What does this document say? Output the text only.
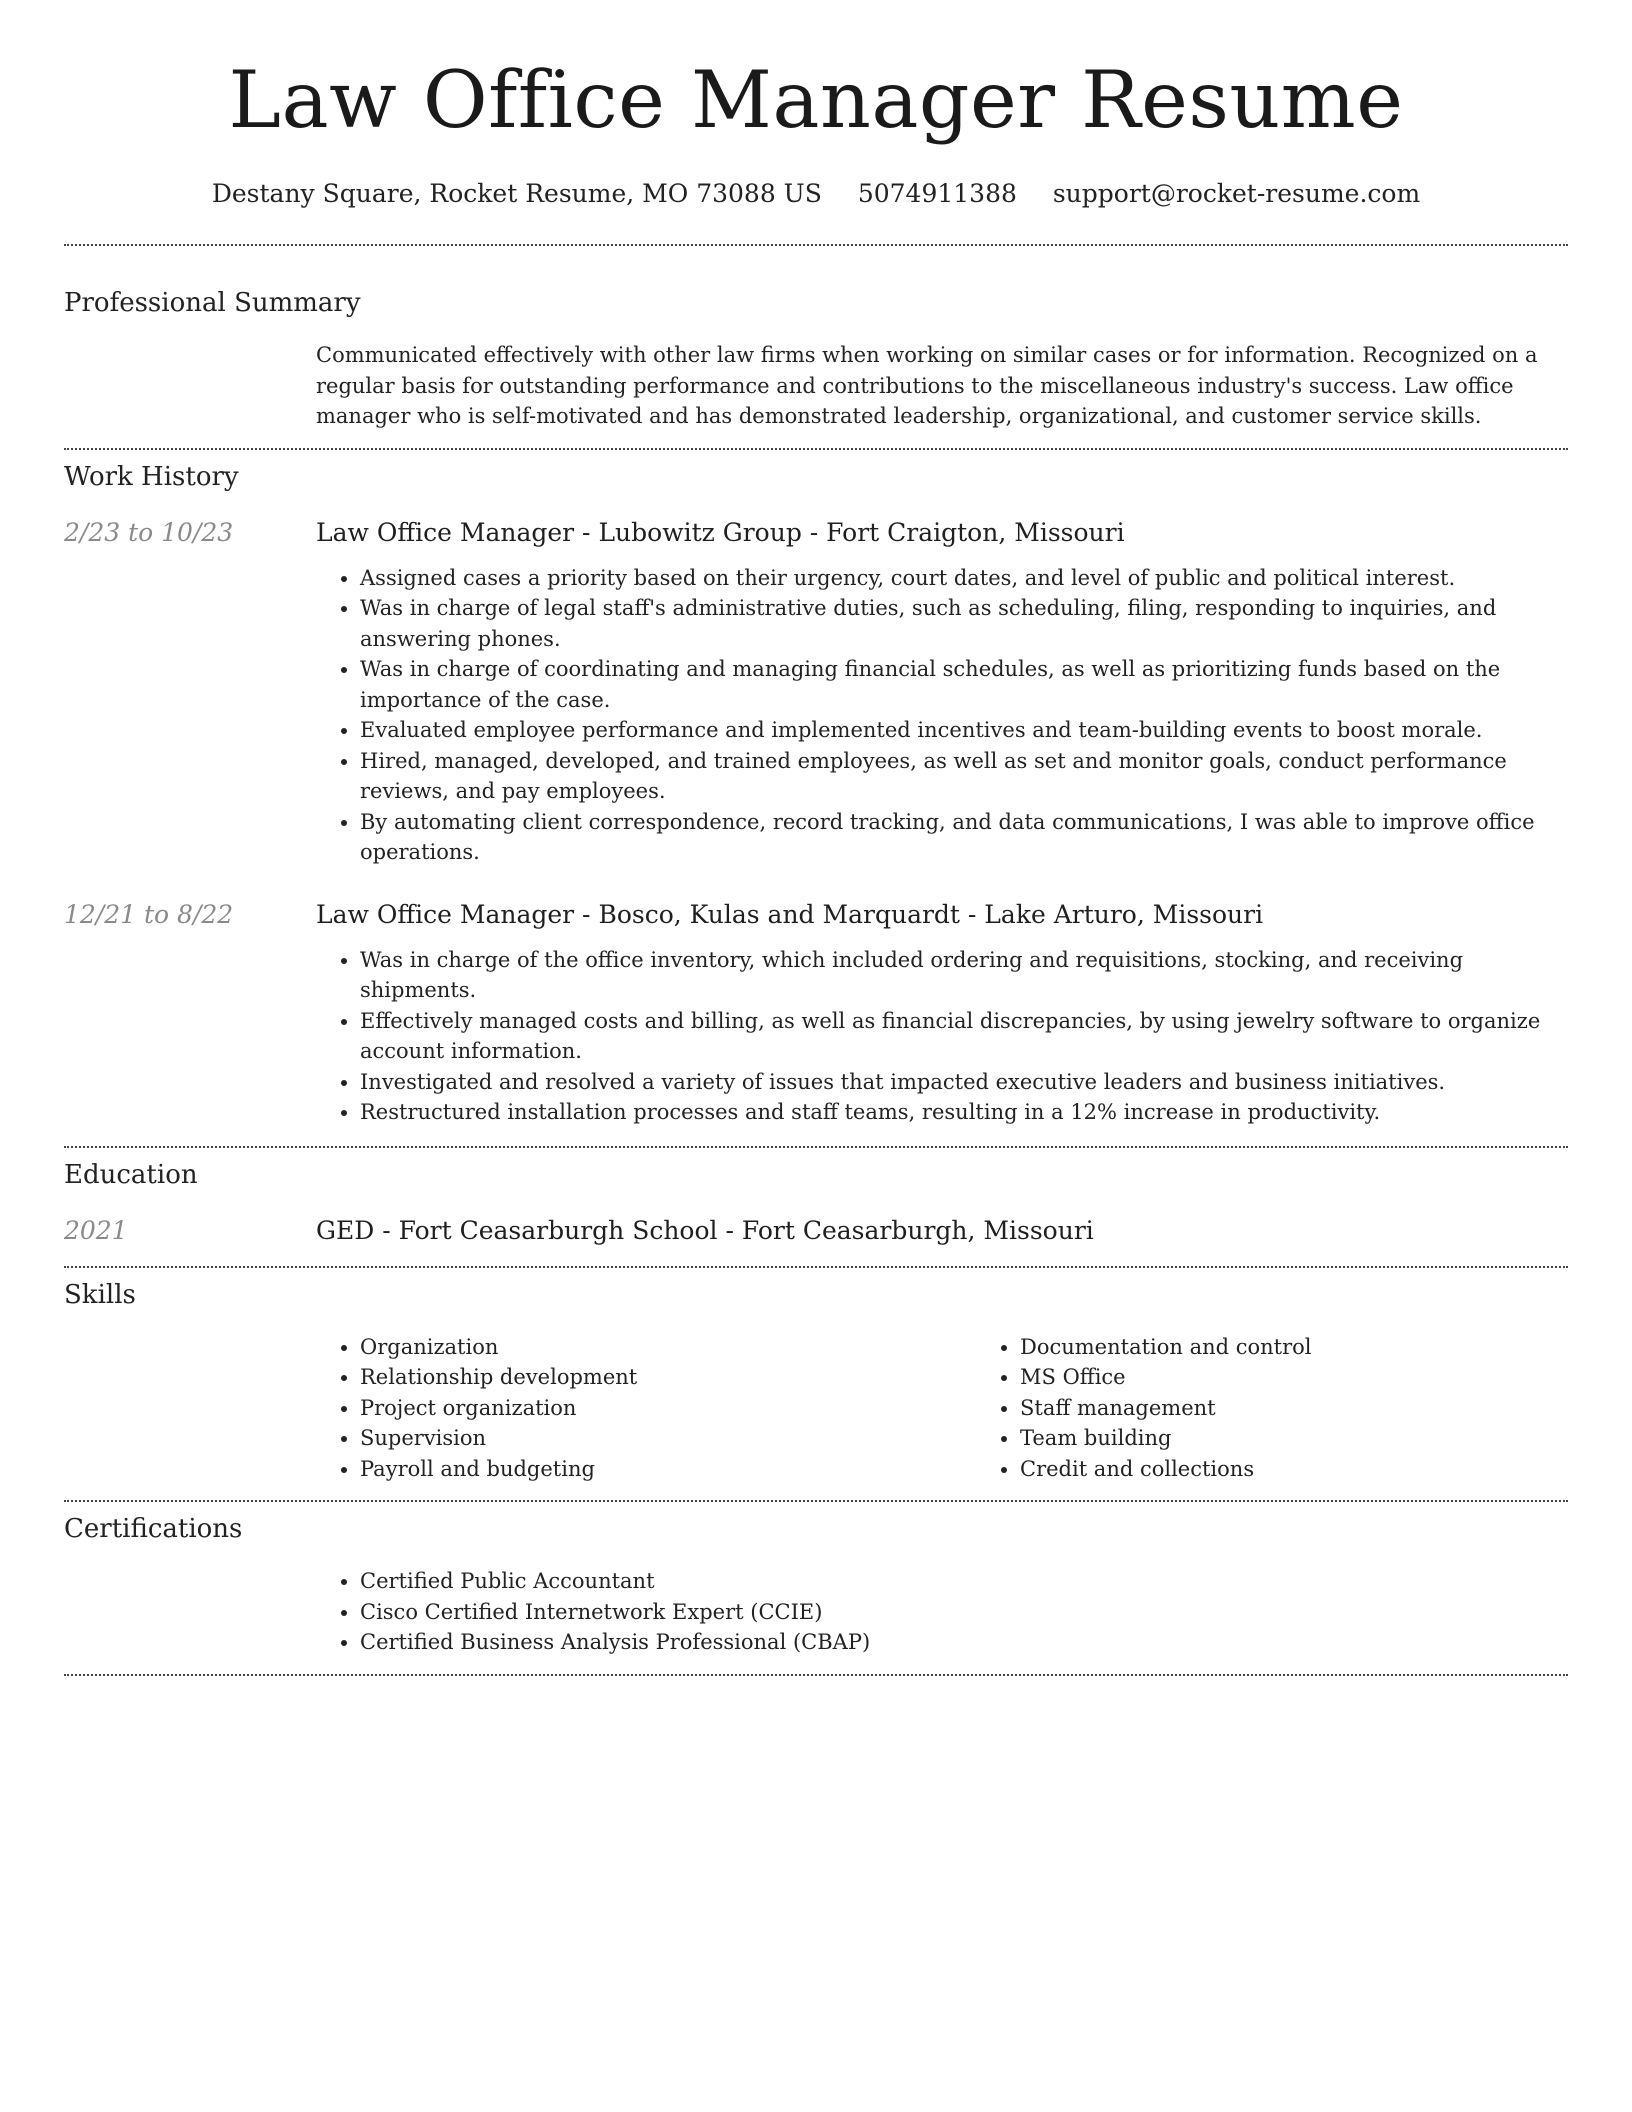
Law Office Manager Resume
Destany Square, Rocket Resume, MO 73088 US 5074911388 support@rocket-resume.com
Professional Summary

Communicated effectively with other law firms when working on similar cases or for information. Recognized on a regular basis for outstanding performance and contributions to the miscellaneous industry's success. Law office manager who is self-motivated and has demonstrated leadership, organizational, and customer service skills.

Work History
2/23 to 10/23	Law Office Manager - Lubowitz Group - Fort Craigton, Missouri
• Assigned cases a priority based on their urgency, court dates, and level of public and political interest.
• Was in charge of legal staff's administrative duties, such as scheduling, filing, responding to inquiries, and answering phones.
• Was in charge of coordinating and managing financial schedules, as well as prioritizing funds based on the importance of the case.
• Evaluated employee performance and implemented incentives and team-building events to boost morale.
• Hired, managed, developed, and trained employees, as well as set and monitor goals, conduct performance reviews, and pay employees.
• By automating client correspondence, record tracking, and data communications, I was able to improve office operations.
12/21 to 8/22	Law Office Manager - Bosco, Kulas and Marquardt - Lake Arturo, Missouri
• Was in charge of the office inventory, which included ordering and requisitions, stocking, and receiving shipments.
• Effectively managed costs and billing, as well as financial discrepancies, by using jewelry software to organize account information.
• Investigated and resolved a variety of issues that impacted executive leaders and business initiatives.
• Restructured installation processes and staff teams, resulting in a 12% increase in productivity.
Education
2021	GED - Fort Ceasarburgh School - Fort Ceasarburgh, Missouri
Skills
• Organization
• Relationship development
• Project organization
• Supervision
• Payroll and budgeting
• Documentation and control
• MS Office
• Staff management
• Team building
• Credit and collections
Certifications
• Certified Public Accountant
• Cisco Certified Internetwork Expert (CCIE)
• Certified Business Analysis Professional (CBAP)
